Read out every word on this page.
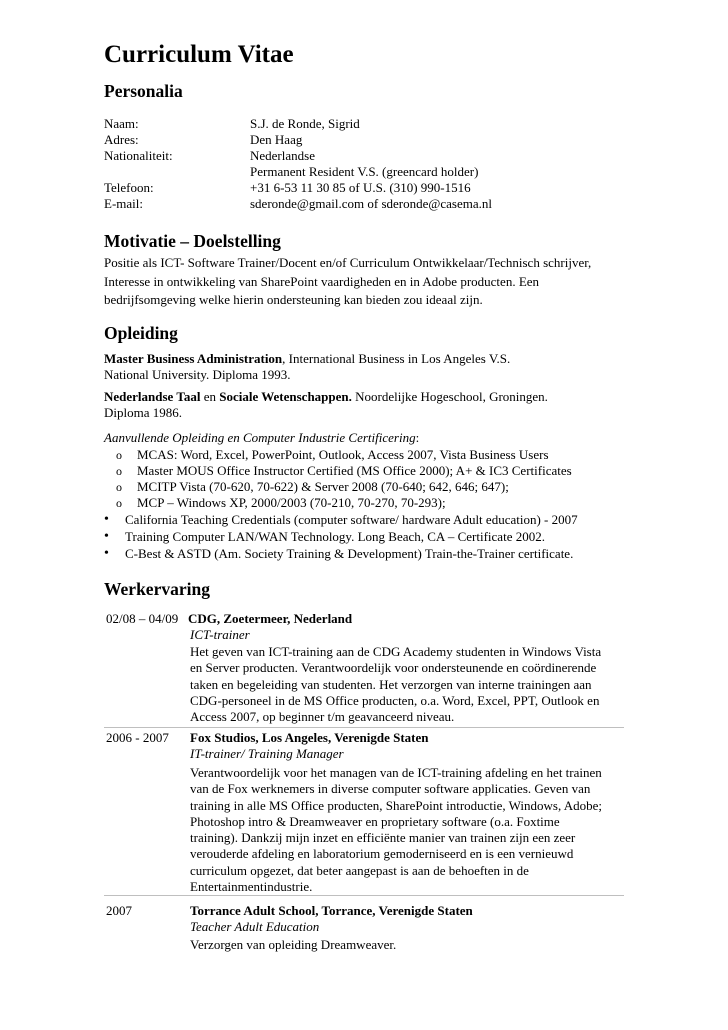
Curriculum Vitae
Personalia
Naam:	S.J. de Ronde, Sigrid
Adres:	Den Haag
Nationaliteit:	Nederlandse
Permanent Resident V.S. (greencard holder)
Telefoon:	+31 6-53 11 30 85 of U.S. (310) 990-1516
E-mail:	sderonde@gmail.com of sderonde@casema.nl
Motivatie – Doelstelling
Positie als ICT- Software Trainer/Docent en/of Curriculum Ontwikkelaar/Technisch schrijver,
Interesse in ontwikkeling van SharePoint vaardigheden en in Adobe producten. Een
bedrijfsomgeving welke hierin ondersteuning kan bieden zou ideaal zijn.
Opleiding
Master Business Administration, International Business in Los Angeles V.S.
National University. Diploma 1993.
Nederlandse Taal en Sociale Wetenschappen. Noordelijke Hogeschool, Groningen.
Diploma 1986.
Aanvullende Opleiding en Computer Industrie Certificering:
o MCAS: Word, Excel, PowerPoint, Outlook, Access 2007, Vista Business Users
o Master MOUS Office Instructor Certified (MS Office 2000); A+ & IC3 Certificates
o MCITP Vista (70-620, 70-622) & Server 2008 (70-640; 642, 646; 647);
o MCP – Windows XP, 2000/2003 (70-210, 70-270, 70-293);
• California Teaching Credentials (computer software/ hardware Adult education) - 2007
• Training Computer LAN/WAN Technology. Long Beach, CA – Certificate 2002.
• C-Best & ASTD (Am. Society Training & Development) Train-the-Trainer certificate.
Werkervaring
02/08 – 04/09 CDG, Zoetermeer, Nederland
ICT-trainer
Het geven van ICT-training aan de CDG Academy studenten in Windows Vista
en Server producten. Verantwoordelijk voor ondersteunende en coördinerende
taken en begeleiding van studenten. Het verzorgen van interne trainingen aan
CDG-personeel in de MS Office producten, o.a. Word, Excel, PPT, Outlook en
Access 2007, op beginner t/m geavanceerd niveau.
2006 - 2007 Fox Studios, Los Angeles, Verenigde Staten
IT-trainer/ Training Manager
Verantwoordelijk voor het managen van de ICT-training afdeling en het trainen
van de Fox werknemers in diverse computer software applicaties. Geven van
training in alle MS Office producten, SharePoint introductie, Windows, Adobe;
Photoshop intro & Dreamweaver en proprietary software (o.a. Foxtime
training). Dankzij mijn inzet en efficiënte manier van trainen zijn een zeer
verouderde afdeling en laboratorium gemoderniseerd en is een vernieuwd
curriculum opgezet, dat beter aangepast is aan de behoeften in de
Entertainmentindustrie.
2007	Torrance Adult School, Torrance, Verenigde Staten
Teacher Adult Education
Verzorgen van opleiding Dreamweaver.
